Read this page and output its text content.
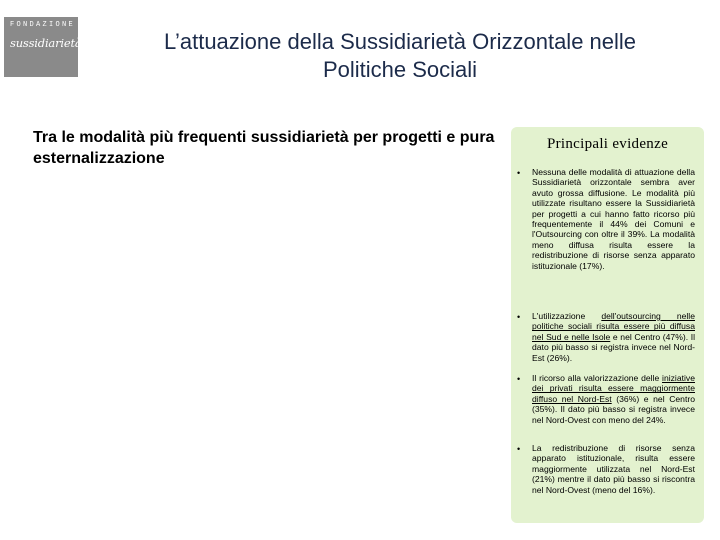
FONDAZIONE
sussidiarietà	L’attuazione della Sussidiarietà Orizzontale nelle
Politiche Sociali
Tra le modalità più frequenti sussidiarietà per progetti e pura esternalizzazione
Principali evidenze
• Nessuna delle modalità di attuazione della Sussidiarietà orizzontale sembra aver avuto grossa diffusione. Le modalità più utilizzate risultano essere la Sussidiarietà per progetti a cui hanno fatto ricorso più frequentemente il 44% dei Comuni e l'Outsourcing con oltre il 39%. La modalità meno diffusa risulta essere la redistribuzione di risorse senza apparato istituzionale (17%).
• L'utilizzazione dell'outsourcing nelle politiche sociali risulta essere più diffusa nel Sud e nelle Isole e nel Centro (47%). Il dato più basso si registra invece nel Nord-Est (26%).
• Il ricorso alla valorizzazione delle iniziative dei privati risulta essere maggiormente diffuso nel Nord-Est (36%) e nel Centro (35%). Il dato più basso si registra invece nel Nord-Ovest con meno del 24%.
• La redistribuzione di risorse senza apparato istituzionale, risulta essere maggiormente utilizzata nel Nord-Est (21%) mentre il dato più basso si riscontra nel Nord-Ovest (meno del 16%).
